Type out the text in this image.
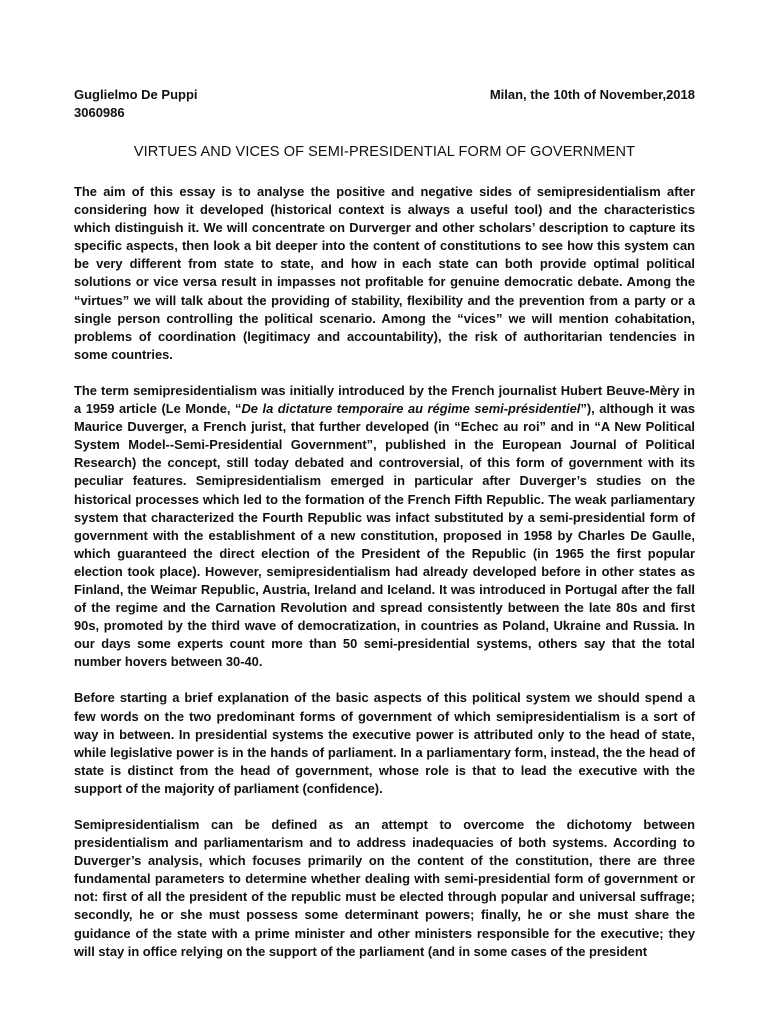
Guglielmo De Puppi
3060986
Milan, the 10th of November,2018
VIRTUES AND VICES OF SEMI-PRESIDENTIAL FORM OF GOVERNMENT

The aim of this essay is to analyse the positive and negative sides of semipresidentialism after considering how it developed (historical context is always a useful tool) and the characteristics which distinguish it. We will concentrate on Durverger and other scholars’ description to capture its specific aspects, then look a bit deeper into the content of constitutions to see how this system can be very different from state to state, and how in each state can both provide optimal political solutions or vice versa result in impasses not profitable for genuine democratic debate. Among the “virtues” we will talk about the providing of stability, flexibility and the prevention from a party or a single person controlling the political scenario. Among the “vices” we will mention cohabitation, problems of coordination (legitimacy and accountability), the risk of authoritarian tendencies in some countries.

The term semipresidentialism was initially introduced by the French journalist Hubert Beuve-Mèry in a 1959 article (Le Monde, “De la dictature temporaire au régime semi-présidentiel”), although it was Maurice Duverger, a French jurist, that further developed (in “Echec au roi” and in “A New Political System Model--Semi-Presidential Government”, published in the European Journal of Political Research) the concept, still today debated and controversial, of this form of government with its peculiar features. Semipresidentialism emerged in particular after Duverger’s studies on the historical processes which led to the formation of the French Fifth Republic. The weak parliamentary system that characterized the Fourth Republic was infact substituted by a semi-presidential form of government with the establishment of a new constitution, proposed in 1958 by Charles De Gaulle, which guaranteed the direct election of the President of the Republic (in 1965 the first popular election took place). However, semipresidentialism had already developed before in other states as Finland, the Weimar Republic, Austria, Ireland and Iceland. It was introduced in Portugal after the fall of the regime and the Carnation Revolution and spread consistently between the late 80s and first 90s, promoted by the third wave of democratization, in countries as Poland, Ukraine and Russia. In our days some experts count more than 50 semi-presidential systems, others say that the total number hovers between 30-40.

Before starting a brief explanation of the basic aspects of this political system we should spend a few words on the two predominant forms of government of which semipresidentialism is a sort of way in between. In presidential systems the executive power is attributed only to the head of state, while legislative power is in the hands of parliament. In a parliamentary form, instead, the the head of state is distinct from the head of government, whose role is that to lead the executive with the support of the majority of parliament (confidence).

Semipresidentialism can be defined as an attempt to overcome the dichotomy between presidentialism and parliamentarism and to address inadequacies of both systems. According to Duverger’s analysis, which focuses primarily on the content of the constitution, there are three fundamental parameters to determine whether dealing with semi-presidential form of government or not: first of all the president of the republic must be elected through popular and universal suffrage; secondly, he or she must possess some determinant powers; finally, he or she must share the guidance of the state with a prime minister and other ministers responsible for the executive; they will stay in office relying on the support of the parliament (and in some cases of the president
